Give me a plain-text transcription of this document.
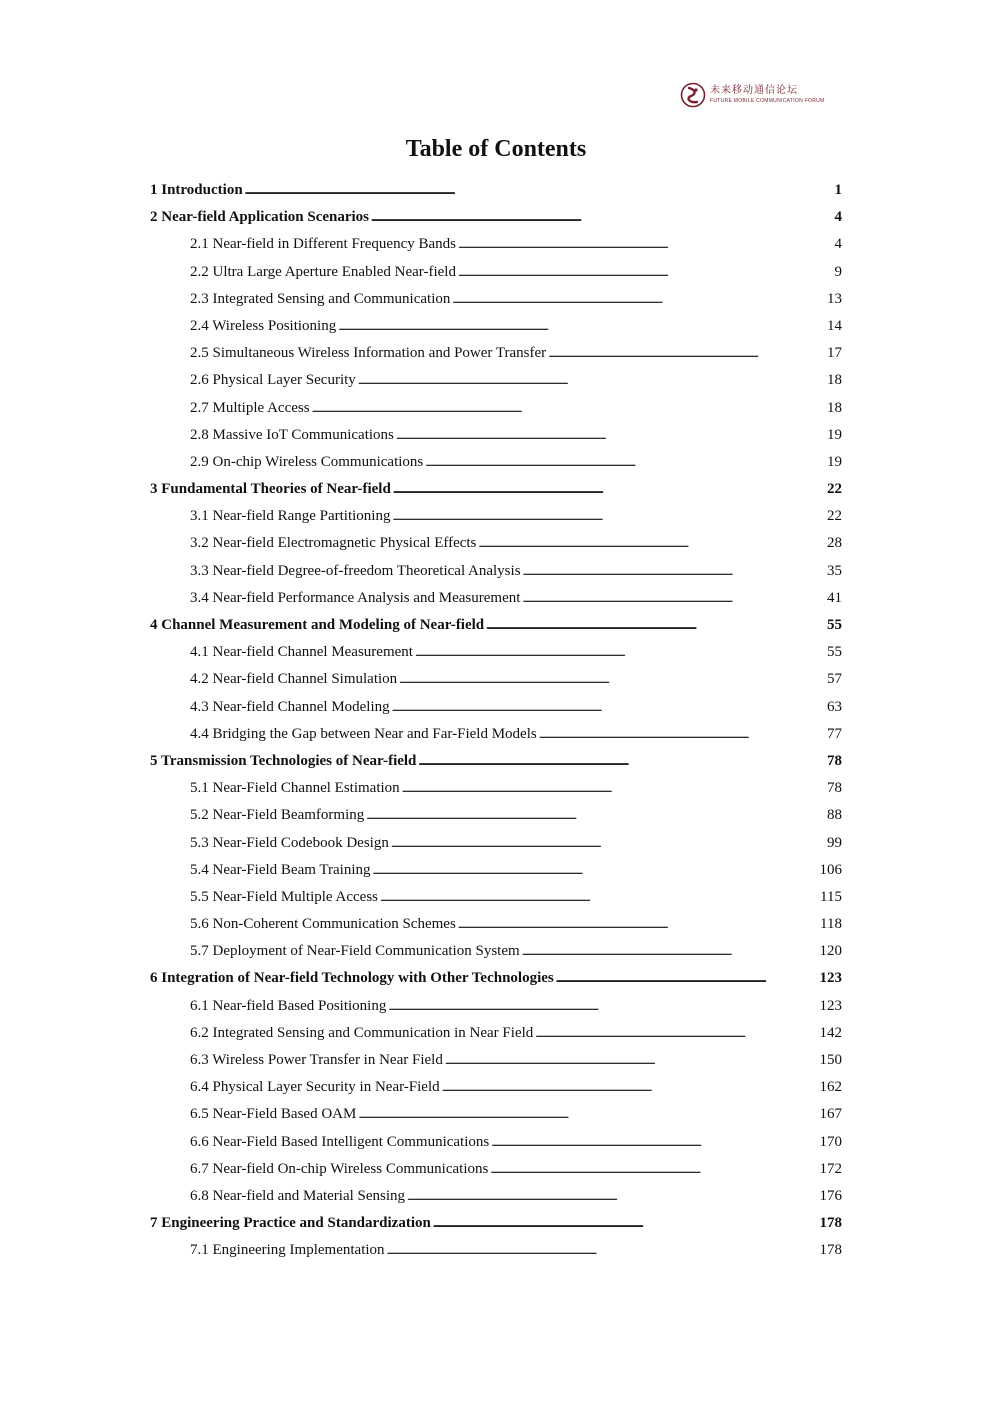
未来移动通信论坛
FUTURE MOBILE COMMUNICATION FORUM
Table of Contents
1 Introduction . . .	1
2 Near-field Application Scenarios . . .	4
2.1 Near-field in Different Frequency Bands . . .	4
2.2 Ultra Large Aperture Enabled Near-field . . .	9
2.3 Integrated Sensing and Communication . . .	13
2.4 Wireless Positioning . . .	14
2.5 Simultaneous Wireless Information and Power Transfer . . .	17
2.6 Physical Layer Security . . .	18
2.7 Multiple Access . . .	18
2.8 Massive IoT Communications . . .	19
2.9 On-chip Wireless Communications . . .	19
3 Fundamental Theories of Near-field . . .	22
3.1 Near-field Range Partitioning . . .	22
3.2 Near-field Electromagnetic Physical Effects . . .	28
3.3 Near-field Degree-of-freedom Theoretical Analysis . . .	35
3.4 Near-field Performance Analysis and Measurement . . .	41
4 Channel Measurement and Modeling of Near-field . . .	55
4.1 Near-field Channel Measurement . . .	55
4.2 Near-field Channel Simulation . . .	57
4.3 Near-field Channel Modeling . . .	63
4.4 Bridging the Gap between Near and Far-Field Models . . .	77
5 Transmission Technologies of Near-field . . .	78
5.1 Near-Field Channel Estimation . . .	78
5.2 Near-Field Beamforming . . .	88
5.3 Near-Field Codebook Design . . .	99
5.4 Near-Field Beam Training . . .	106
5.5 Near-Field Multiple Access . . .	115
5.6 Non-Coherent Communication Schemes . . .	118
5.7 Deployment of Near-Field Communication System . . .	120
6 Integration of Near-field Technology with Other Technologies . . .	123
6.1 Near-field Based Positioning . . .	123
6.2 Integrated Sensing and Communication in Near Field . . .	142
6.3 Wireless Power Transfer in Near Field . . .	150
6.4 Physical Layer Security in Near-Field . . .	162
6.5 Near-Field Based OAM . . .	167
6.6 Near-Field Based Intelligent Communications . . .	170
6.7 Near-field On-chip Wireless Communications . . .	172
6.8 Near-field and Material Sensing . . .	176
7 Engineering Practice and Standardization . . .	178
7.1 Engineering Implementation . . .	178
